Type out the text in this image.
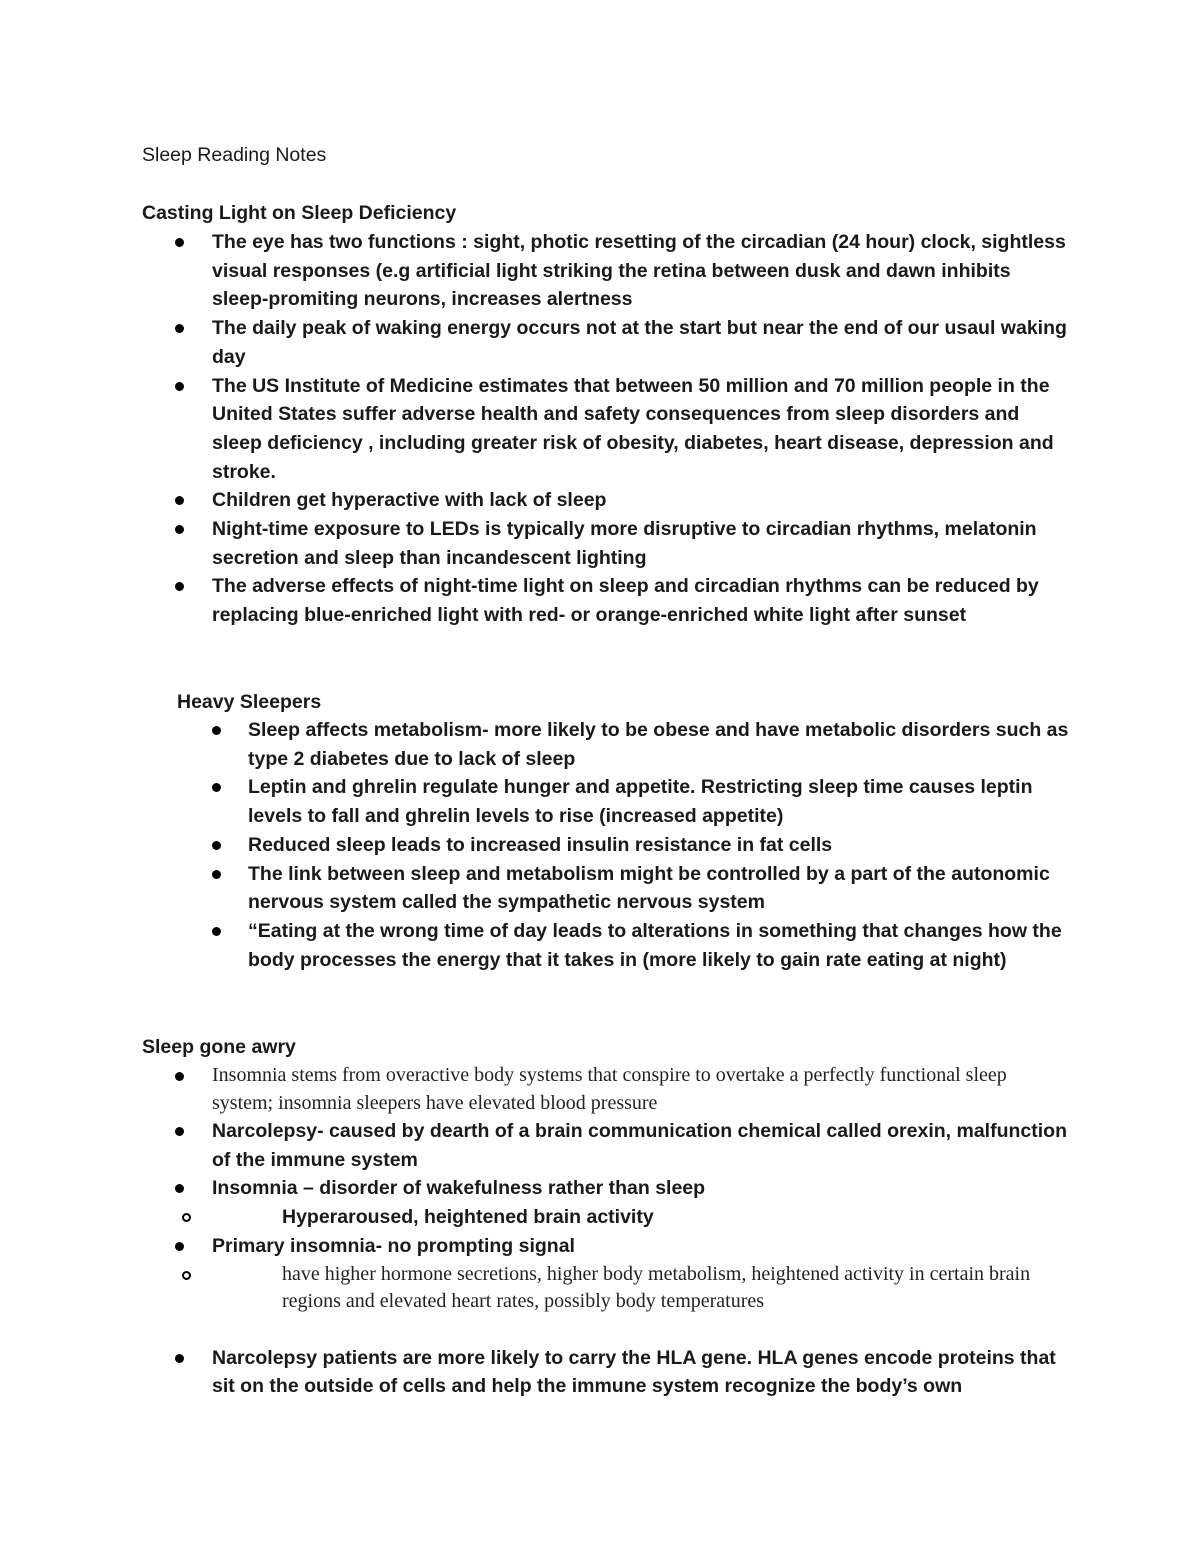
Sleep Reading Notes
Casting Light on Sleep Deficiency
The eye has two functions : sight, photic resetting of the circadian (24 hour) clock, sightless visual responses (e.g artificial light striking the retina between dusk and dawn inhibits sleep-promiting neurons, increases alertness
The daily peak of waking energy occurs not at the start but near the end of our usaul waking day
The US Institute of Medicine estimates that between 50 million and 70 million people in the United States suffer adverse health and safety consequences from sleep disorders and sleep deficiency , including greater risk of obesity, diabetes, heart disease, depression and stroke.
Children get hyperactive with lack of sleep
Night-time exposure to LEDs is typically more disruptive to circadian rhythms, melatonin secretion and sleep than incandescent lighting
The adverse effects of night-time light on sleep and circadian rhythms can be reduced by replacing blue-enriched light with red- or orange-enriched white light after sunset
Heavy Sleepers
Sleep affects metabolism- more likely to be obese and have metabolic disorders such as type 2 diabetes due to lack of sleep
Leptin and ghrelin regulate hunger and appetite. Restricting sleep time causes leptin levels to fall and ghrelin levels to rise (increased appetite)
Reduced sleep leads to increased insulin resistance in fat cells
The link between sleep and metabolism might be controlled by a part of the autonomic nervous system called the sympathetic nervous system
“Eating at the wrong time of day leads to alterations in something that changes how the body processes the energy that it takes in (more likely to gain rate eating at night)
Sleep gone awry
Insomnia stems from overactive body systems that conspire to overtake a perfectly functional sleep system; insomnia sleepers have elevated blood pressure
Narcolepsy- caused by dearth of a brain communication chemical called orexin, malfunction of the immune system
Insomnia – disorder of wakefulness rather than sleep
Hyperaroused, heightened brain activity
Primary insomnia- no prompting signal
have higher hormone secretions, higher body metabolism, heightened activity in certain brain regions and elevated heart rates, possibly body temperatures
Narcolepsy patients are more likely to carry the HLA gene. HLA genes encode proteins that sit on the outside of cells and help the immune system recognize the body’s own
